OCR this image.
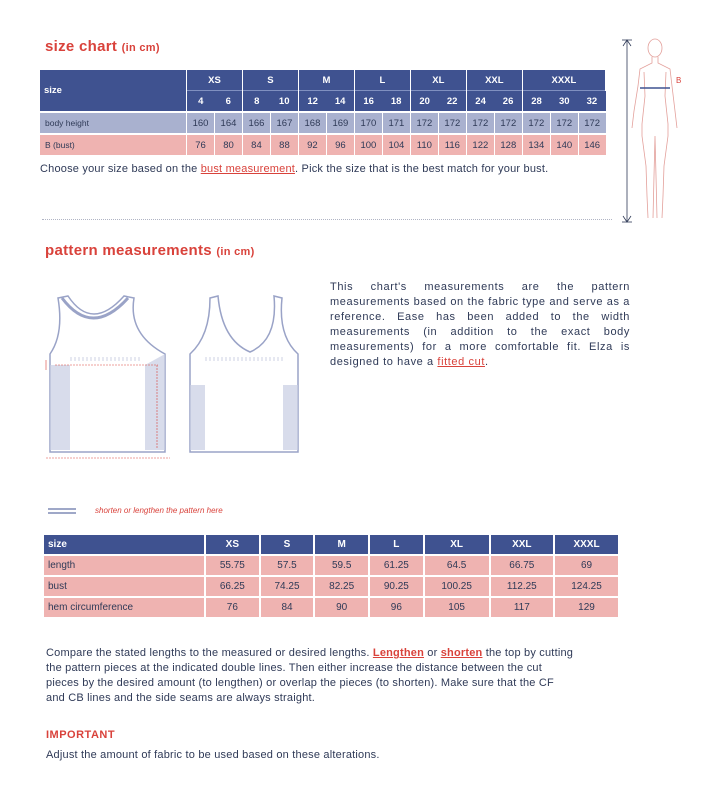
size chart (in cm)
size	XS		S		M		L		XL		XXL		XXXL		
	4	6	8	10	12	14	16	18	20	22	24	26	28	30	32
body height	160	164	166	167	168	169	170	171	172	172	172	172	172	172	172
B (bust)	76	80	84	88	92	96	100	104	110	116	122	128	134	140	146
Choose your size based on the bust measurement. Pick the size that is the best match for your bust.
B
pattern measurements (in cm)
This chart's measurements are the pattern measurements based on the fabric type and serve as a reference. Ease has been added to the width measurements (in addition to the exact body measurements) for a more comfortable fit. Elza is designed to have a fitted cut.
shorten or lengthen the pattern here
size	XS	S	M	L	XL	XXL	XXXL
length	55.75	57.5	59.5	61.25	64.5	66.75	69
bust	66.25	74.25	82.25	90.25	100.25	112.25	124.25
hem circumference	76	84	90	96	105	117	129
Compare the stated lengths to the measured or desired lengths. Lengthen or shorten the top by cutting the pattern pieces at the indicated double lines. Then either increase the distance between the cut pieces by the desired amount (to lengthen) or overlap the pieces (to shorten). Make sure that the CF and CB lines and the side seams are always straight.
IMPORTANT
Adjust the amount of fabric to be used based on these alterations.
